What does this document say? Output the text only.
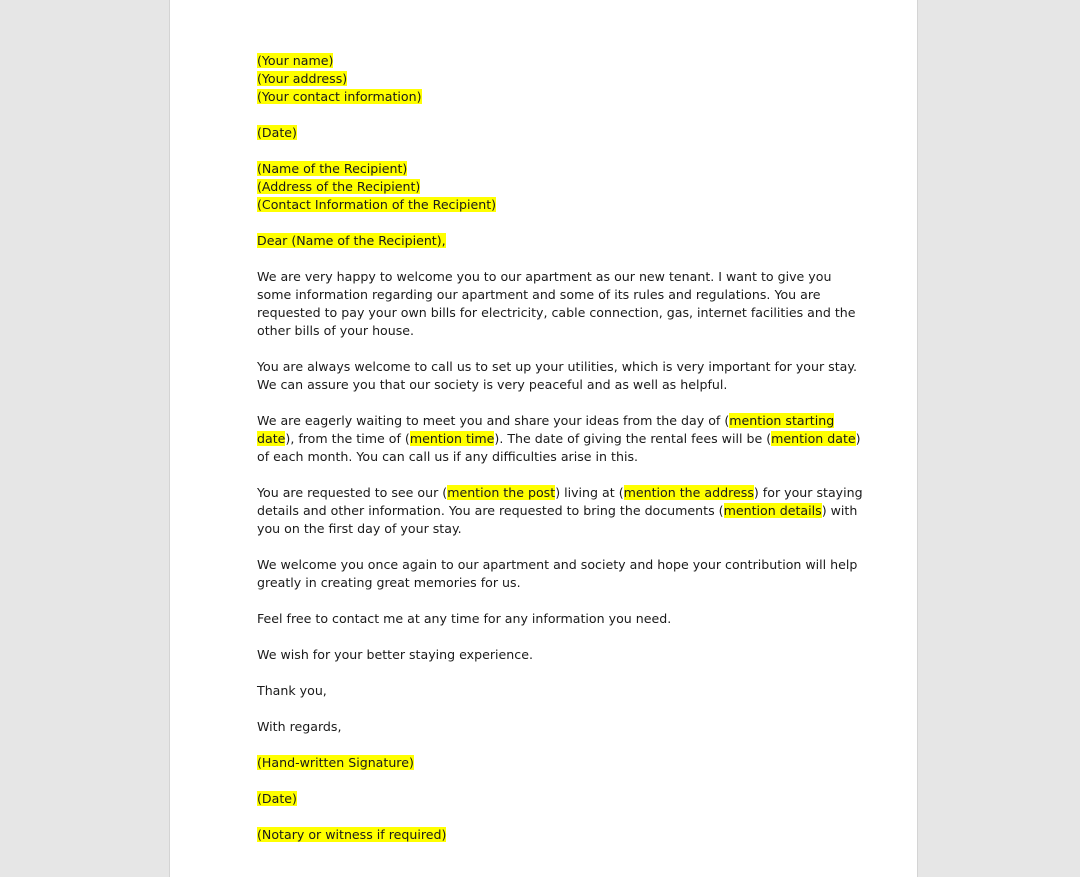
(Your name)
(Your address)
(Your contact information)
(Date)
(Name of the Recipient)
(Address of the Recipient)
(Contact Information of the Recipient)
Dear (Name of the Recipient),
We are very happy to welcome you to our apartment as our new tenant. I want to give you
some information regarding our apartment and some of its rules and regulations. You are
requested to pay your own bills for electricity, cable connection, gas, internet facilities and the
other bills of your house.
You are always welcome to call us to set up your utilities, which is very important for your stay.
We can assure you that our society is very peaceful and as well as helpful.
We are eagerly waiting to meet you and share your ideas from the day of (mention starting
date), from the time of (mention time). The date of giving the rental fees will be (mention date)
of each month. You can call us if any difficulties arise in this.
You are requested to see our (mention the post) living at (mention the address) for your staying
details and other information. You are requested to bring the documents (mention details) with
you on the first day of your stay.
We welcome you once again to our apartment and society and hope your contribution will help
greatly in creating great memories for us.
Feel free to contact me at any time for any information you need.
We wish for your better staying experience.
Thank you,
With regards,
(Hand-written Signature)
(Date)
(Notary or witness if required)
